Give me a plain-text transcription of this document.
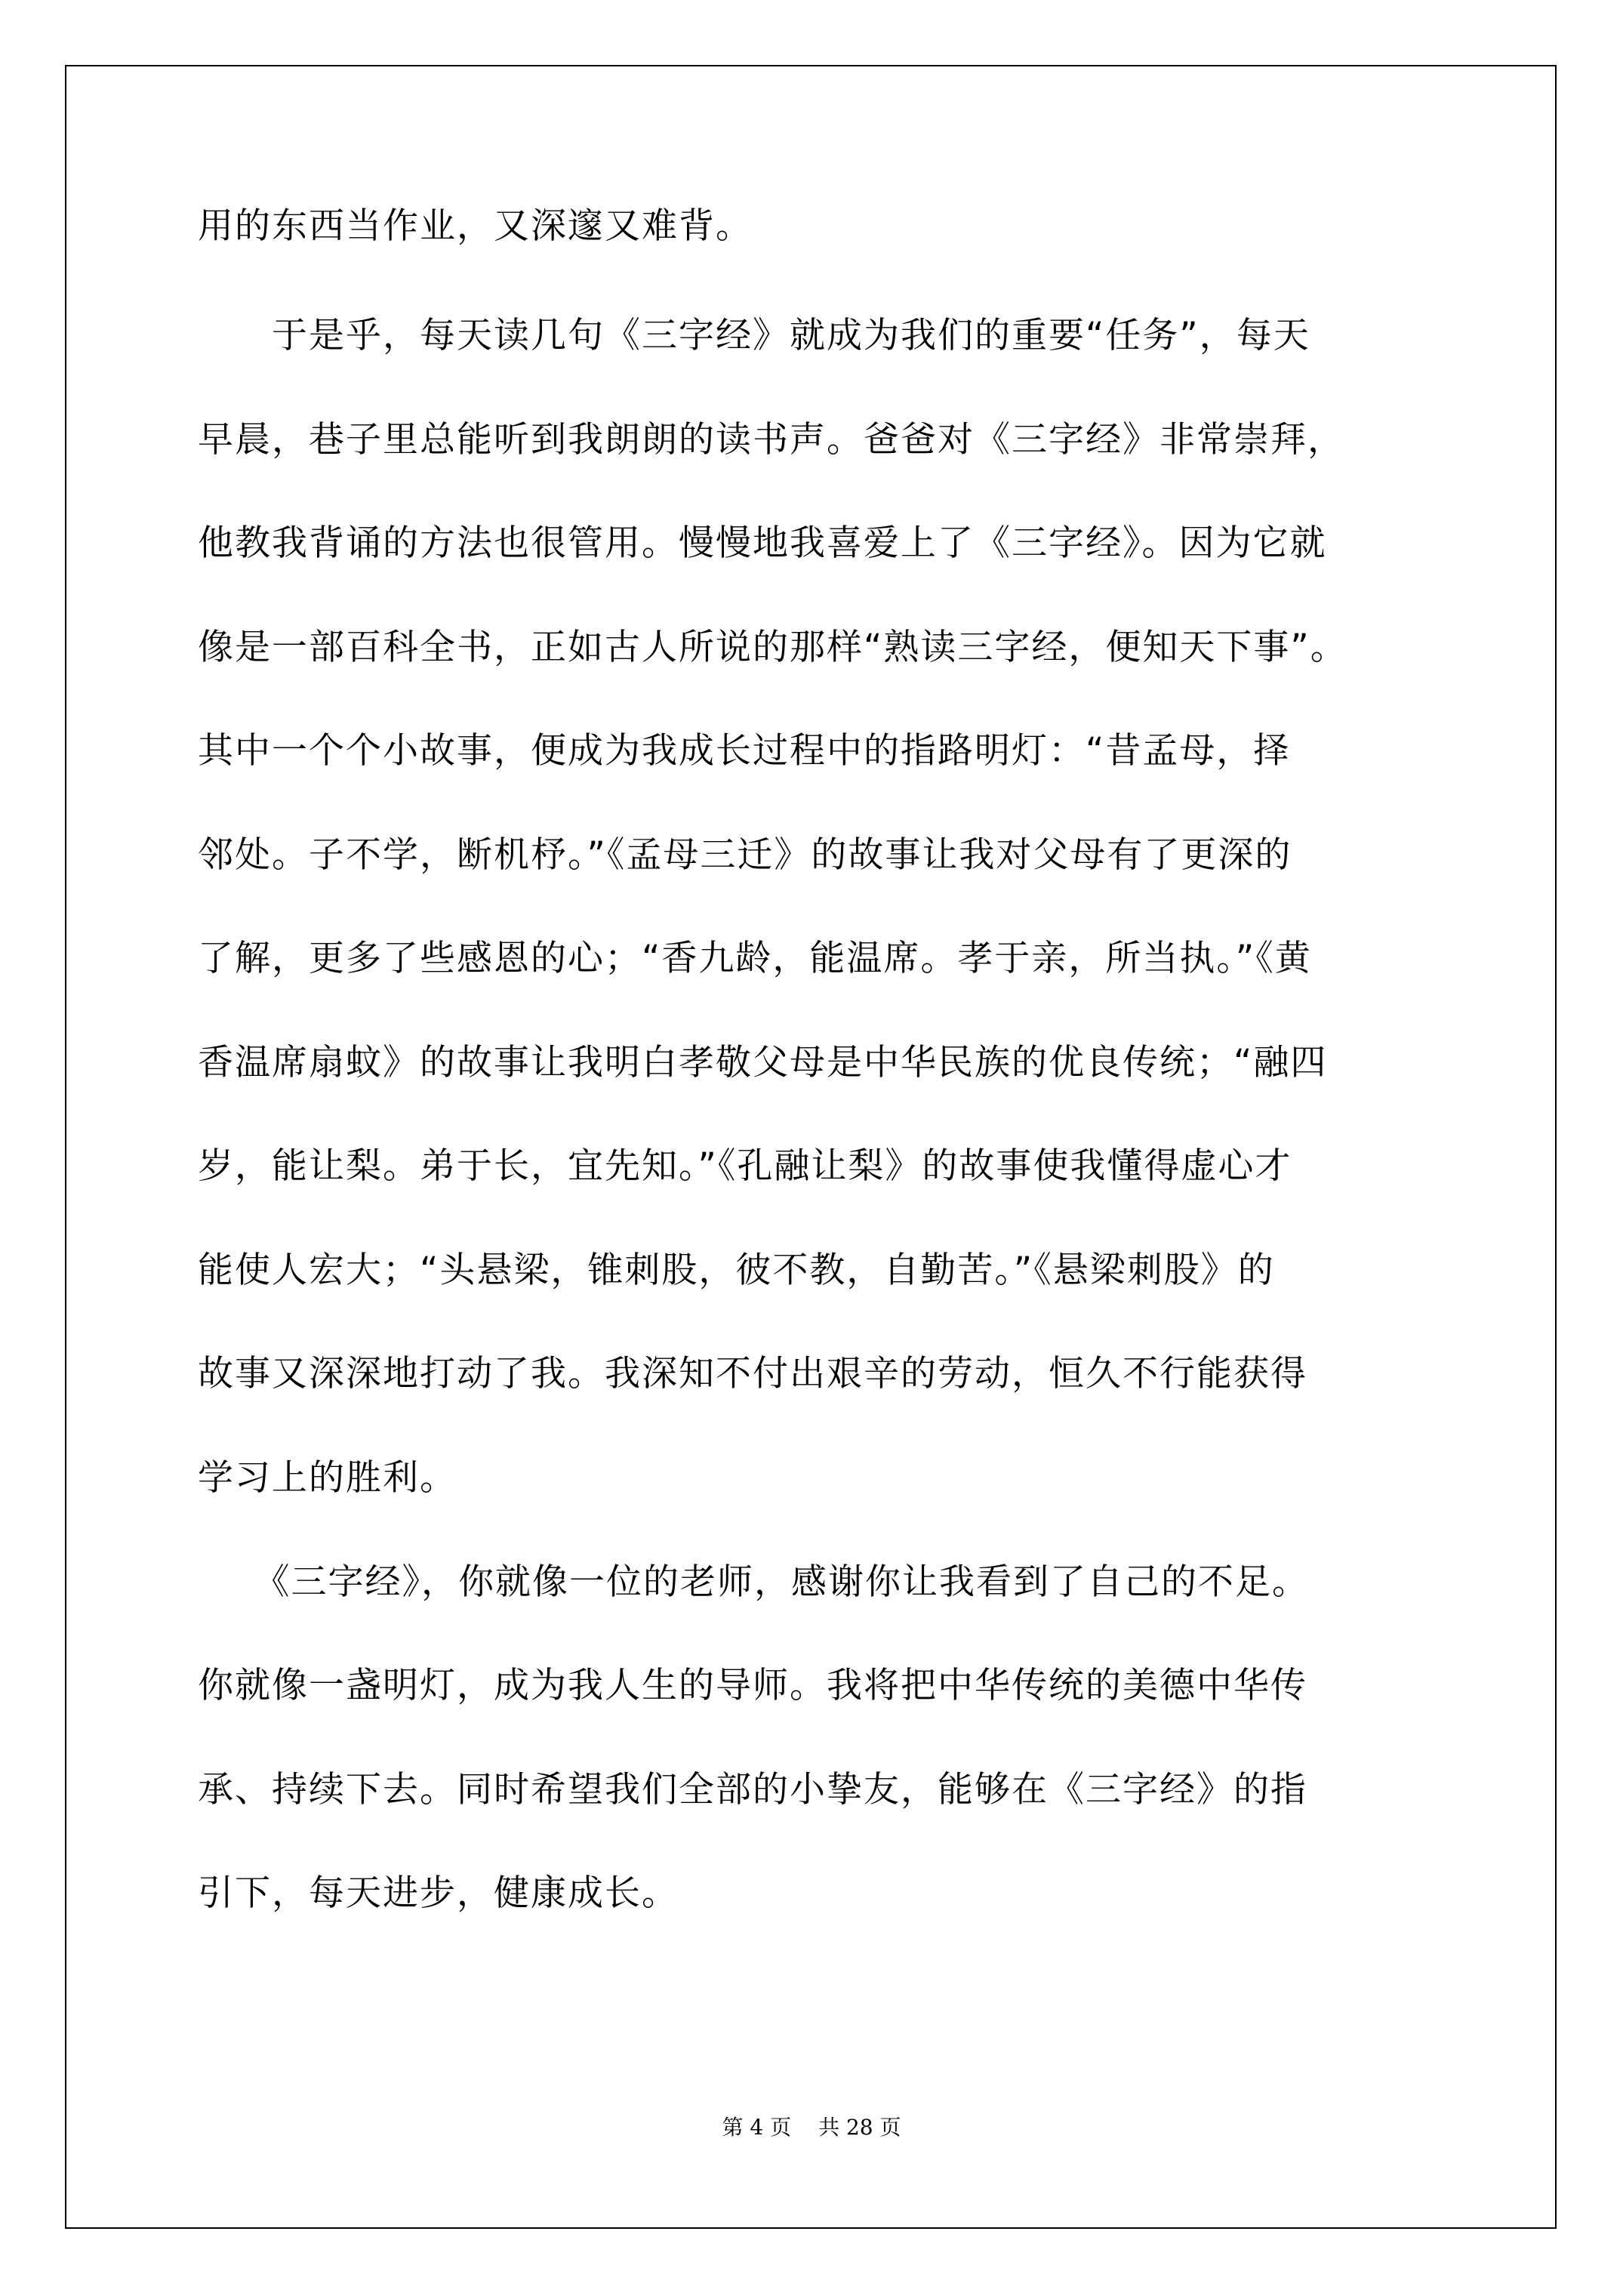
用的东西当作业，又深邃又难背。
　　于是乎，每天读几句《三字经》就成为我们的重要“任务”，每天
早晨，巷子里总能听到我朗朗的读书声。爸爸对《三字经》非常崇拜，
他教我背诵的方法也很管用。慢慢地我喜爱上了《三字经》。因为它就
像是一部百科全书，正如古人所说的那样“熟读三字经，便知天下事”。
其中一个个小故事，便成为我成长过程中的指路明灯：“昔孟母，择
邻处。子不学，断机杼。”《孟母三迁》的故事让我对父母有了更深的
了解，更多了些感恩的心；“香九龄，能温席。孝于亲，所当执。”《黄
香温席扇蚊》的故事让我明白孝敬父母是中华民族的优良传统；“融四
岁，能让梨。弟于长，宜先知。”《孔融让梨》的故事使我懂得虚心才
能使人宏大；“头悬梁，锥刺股，彼不教，自勤苦。”《悬梁刺股》的
故事又深深地打动了我。我深知不付出艰辛的劳动，恒久不行能获得
学习上的胜利。
　　《三字经》，你就像一位的老师，感谢你让我看到了自己的不足。
你就像一盏明灯，成为我人生的导师。我将把中华传统的美德中华传
承、持续下去。同时希望我们全部的小挚友，能够在《三字经》的指
引下，每天进步，健康成长。
第 4 页 共 28 页
